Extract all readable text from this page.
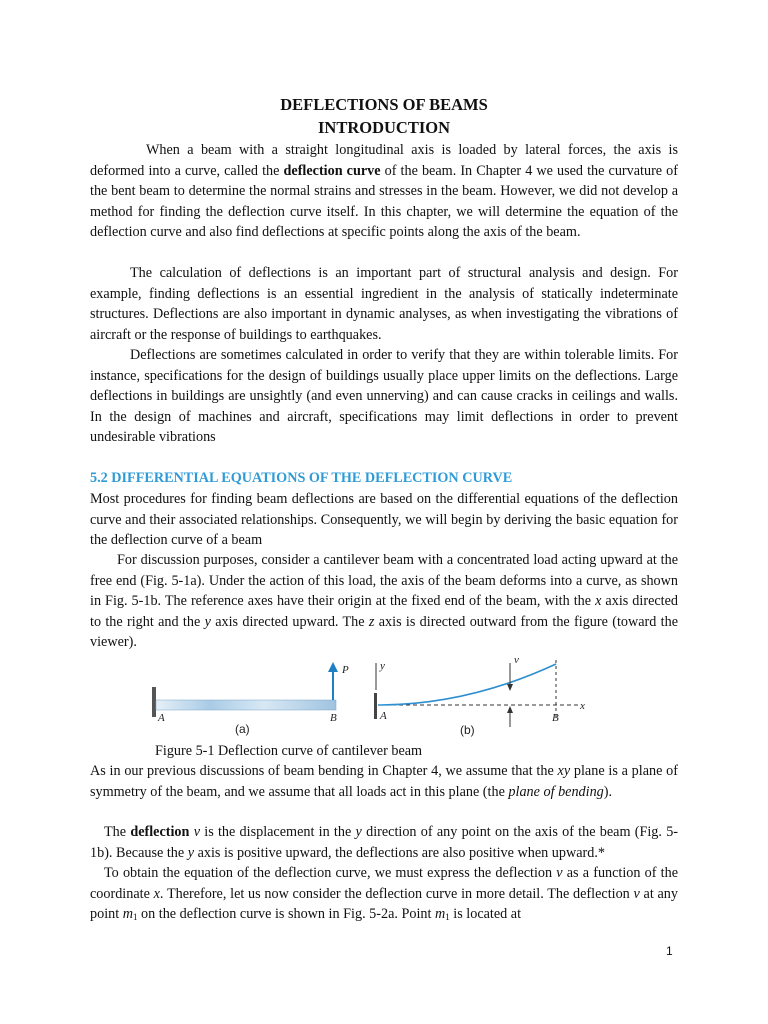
DEFLECTIONS OF BEAMS
INTRODUCTION

When a beam with a straight longitudinal axis is loaded by lateral forces, the axis is deformed into a curve, called the deflection curve of the beam. In Chapter 4 we used the curvature of the bent beam to determine the normal strains and stresses in the beam. However, we did not develop a method for finding the deflection curve itself. In this chapter, we will determine the equation of the deflection curve and also find deflections at specific points along the axis of the beam.

The calculation of deflections is an important part of structural analysis and design. For example, finding deflections is an essential ingredient in the analysis of statically indeterminate structures. Deflections are also important in dynamic analyses, as when investigating the vibrations of aircraft or the response of buildings to earthquakes.

Deflections are sometimes calculated in order to verify that they are within tolerable limits. For instance, specifications for the design of buildings usually place upper limits on the deflections. Large deflections in buildings are unsightly (and even unnerving) and can cause cracks in ceilings and walls. In the design of machines and aircraft, specifications may limit deflections in order to prevent undesirable vibrations

5.2 DIFFERENTIAL EQUATIONS OF THE DEFLECTION CURVE

Most procedures for finding beam deflections are based on the differential equations of the deflection curve and their associated relationships. Consequently, we will begin by deriving the basic equation for the deflection curve of a beam

For discussion purposes, consider a cantilever beam with a concentrated load acting upward at the free end (Fig. 5-1a). Under the action of this load, the axis of the beam deforms into a curve, as shown in Fig. 5-1b. The reference axes have their origin at the fixed end of the beam, with the x axis directed to the right and the y axis directed upward. The z axis is directed outward from the figure (toward the viewer).

P
A	B
(a)
y
x
v
A	B
(b)
Figure 5-1 Deflection curve of cantilever beam

As in our previous discussions of beam bending in Chapter 4, we assume that the xy plane is a plane of symmetry of the beam, and we assume that all loads act in this plane (the plane of bending).

The deflection v is the displacement in the y direction of any point on the axis of the beam (Fig. 5-1b). Because the y axis is positive upward, the deflections are also positive when upward.*

To obtain the equation of the deflection curve, we must express the deflection v as a function of the coordinate x. Therefore, let us now consider the deflection curve in more detail. The deflection v at any point $m_1$ on the deflection curve is shown in Fig. 5-2a. Point $m_1$ is located at

1
